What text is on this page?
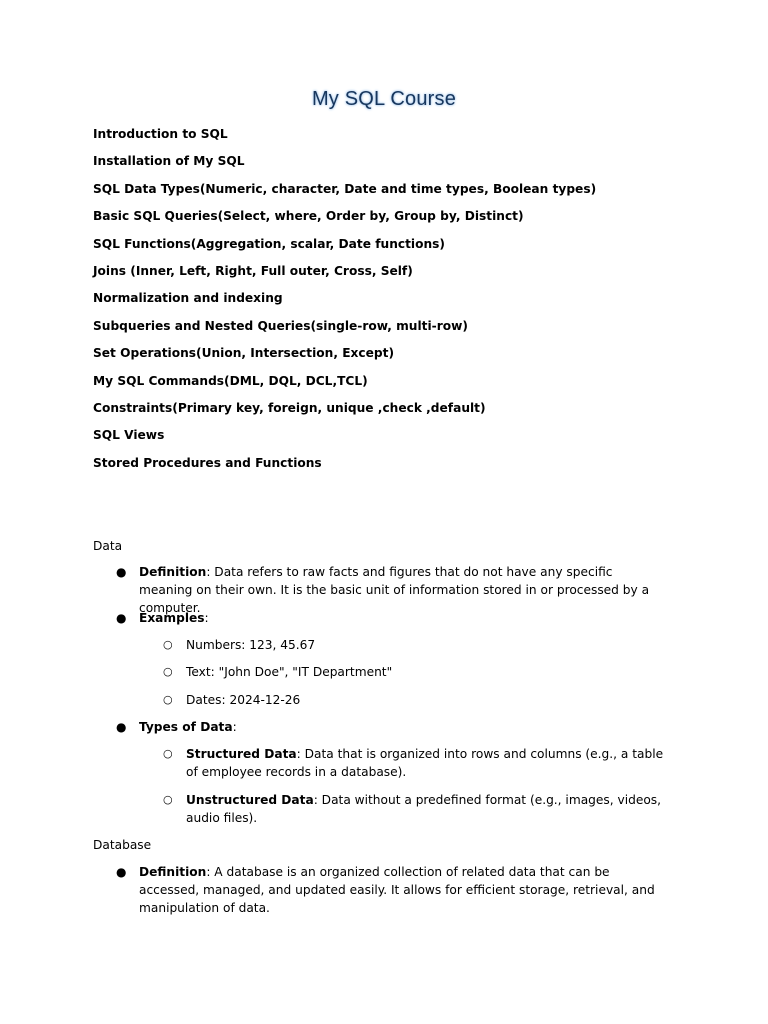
My SQL Course
Introduction to SQL
Installation of My SQL
SQL Data Types(Numeric, character, Date and time types, Boolean types)
Basic SQL Queries(Select, where, Order by, Group by, Distinct)
SQL Functions(Aggregation, scalar, Date functions)
Joins (Inner, Left, Right, Full outer, Cross, Self)
Normalization and indexing
Subqueries and Nested Queries(single-row, multi-row)
Set Operations(Union, Intersection, Except)
My SQL Commands(DML, DQL, DCL,TCL)
Constraints(Primary key, foreign, unique ,check ,default)
SQL Views
Stored Procedures and Functions
Data
● Definition: Data refers to raw facts and figures that do not have any specific meaning on their own. It is the basic unit of information stored in or processed by a computer.
● Examples:
○ Numbers: 123, 45.67
○ Text: "John Doe", "IT Department"
○ Dates: 2024-12-26
● Types of Data:
○ Structured Data: Data that is organized into rows and columns (e.g., a table of employee records in a database).
○ Unstructured Data: Data without a predefined format (e.g., images, videos, audio files).
Database
● Definition: A database is an organized collection of related data that can be accessed, managed, and updated easily. It allows for efficient storage, retrieval, and manipulation of data.
